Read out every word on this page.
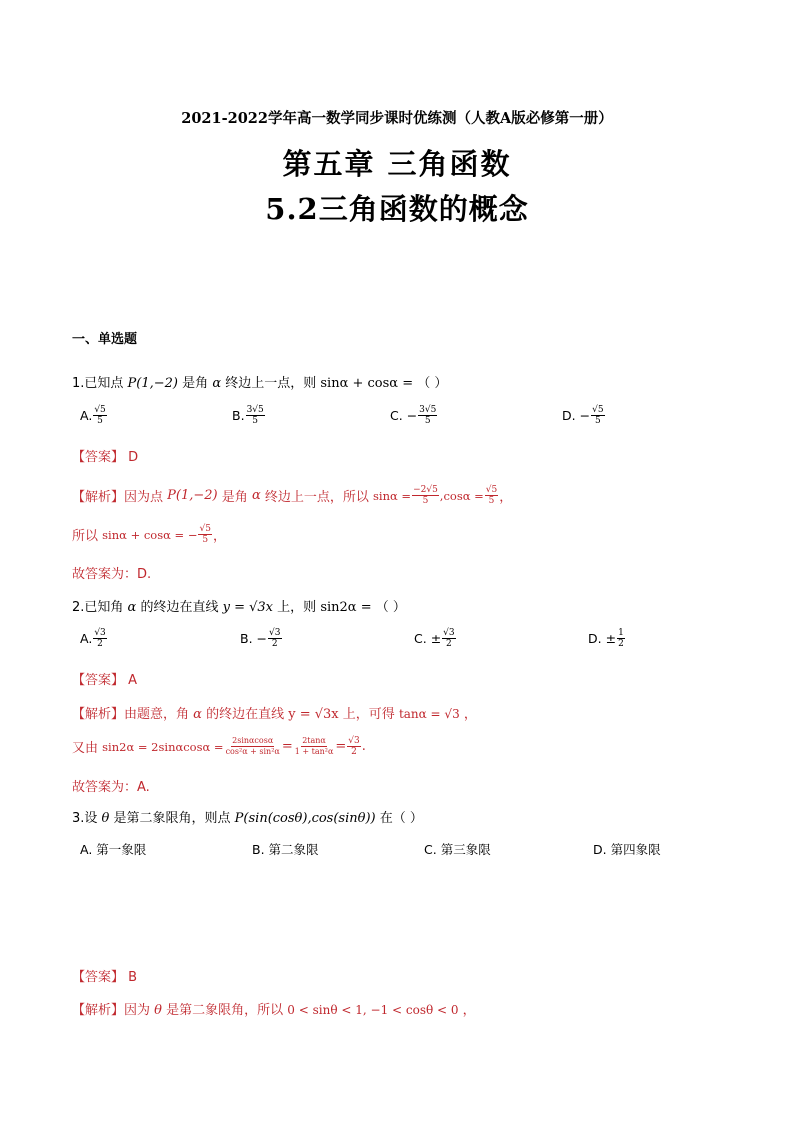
2021-2022学年高一数学同步课时优练测（人教A版必修第一册）
第五章 三角函数
5.2三角函数的概念
一、单选题
1.已知点 P(1,−2) 是角 α 终边上一点，则 sinα + cosα = （ ）
A. $\frac{√5}{5}$	B. $\frac{3√5}{5}$	C.
− $\frac{3√5}{5}$	D.
− $\frac{√5}{5}$
【答案】 D
【解析】 因为点
P(1,−2)
是角
α
终边上一点，所以
$\sin\alpha = \frac{-2√5}{5} ,\cos\alpha = \frac{√5}{5}$ ，
所以
sinα + cosα = − $\frac{√5}{5}$ ，
故答案为：D.
2.已知角 α 的终边在直线 y = √3x 上，则 sin2α = （ ）
A. $\frac{√3}{2}$	B.
− $\frac{√3}{2}$	C.
± $\frac{√3}{2}$	D.
± $\frac{1}{2}$
【答案】 A
【解析】由题意，角 α 的终边在直线 y = √3x 上，可得 tanα = √3 ，
又由
$\sin 2\alpha = 2\sin\alpha\cos\alpha = \frac{2\sin\alpha\cos\alpha}{\text{cos²α + sin²α}} = \frac{2\tan\alpha}{\text{1 + tan²α}} = \frac{√3}{2}$ .
故答案为：A.
3.设 θ 是第二象限角，则点 P(sin(cosθ),cos(sinθ)) 在（ ）
A.
第一象限	B.
第二象限	C.
第三象限	D.
第四象限
【答案】 B
【解析】因为 θ 是第二象限角，所以 0 < sinθ < 1, −1 < cosθ < 0 ，
